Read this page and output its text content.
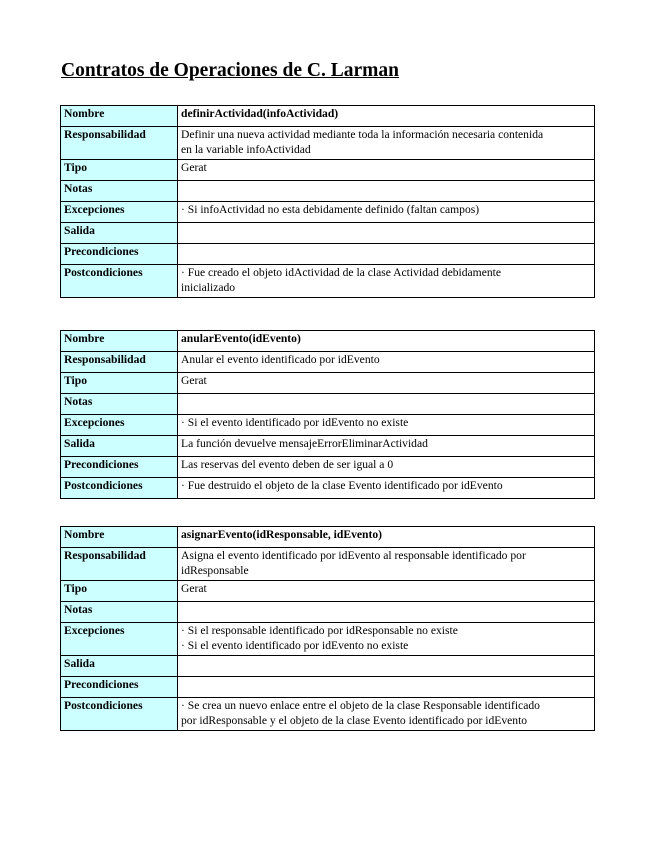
Contratos de Operaciones de C. Larman
Nombre	definirActividad(infoActividad)
Responsabilidad	Definir una nueva actividad mediante toda la información necesaria contenida
en la variable infoActividad

Tipo	Gerat
Notas	
Excepciones	· Si infoActividad no esta debidamente definido (faltan campos)

Salida	
Precondiciones	
Postcondiciones	· Fue creado el objeto idActividad de la clase Actividad debidamente
inicializado
Nombre	anularEvento(idEvento)
Responsabilidad	Anular el evento identificado por idEvento

Tipo	Gerat
Notas	
Excepciones	· Si el evento identificado por idEvento no existe

Salida	La función devuelve mensajeErrorEliminarActividad
Precondiciones	Las reservas del evento deben de ser igual a 0
Postcondiciones	· Fue destruido el objeto de la clase Evento identificado por idEvento
Nombre	asignarEvento(idResponsable, idEvento)
Responsabilidad	Asigna el evento identificado por idEvento al responsable identificado por
idResponsable

Tipo	Gerat
Notas	
Excepciones	· Si el responsable identificado por idResponsable no existe
· Si el evento identificado por idEvento no existe

Salida	
Precondiciones	
Postcondiciones	· Se crea un nuevo enlace entre el objeto de la clase Responsable identificado
por idResponsable y el objeto de la clase Evento identificado por idEvento
